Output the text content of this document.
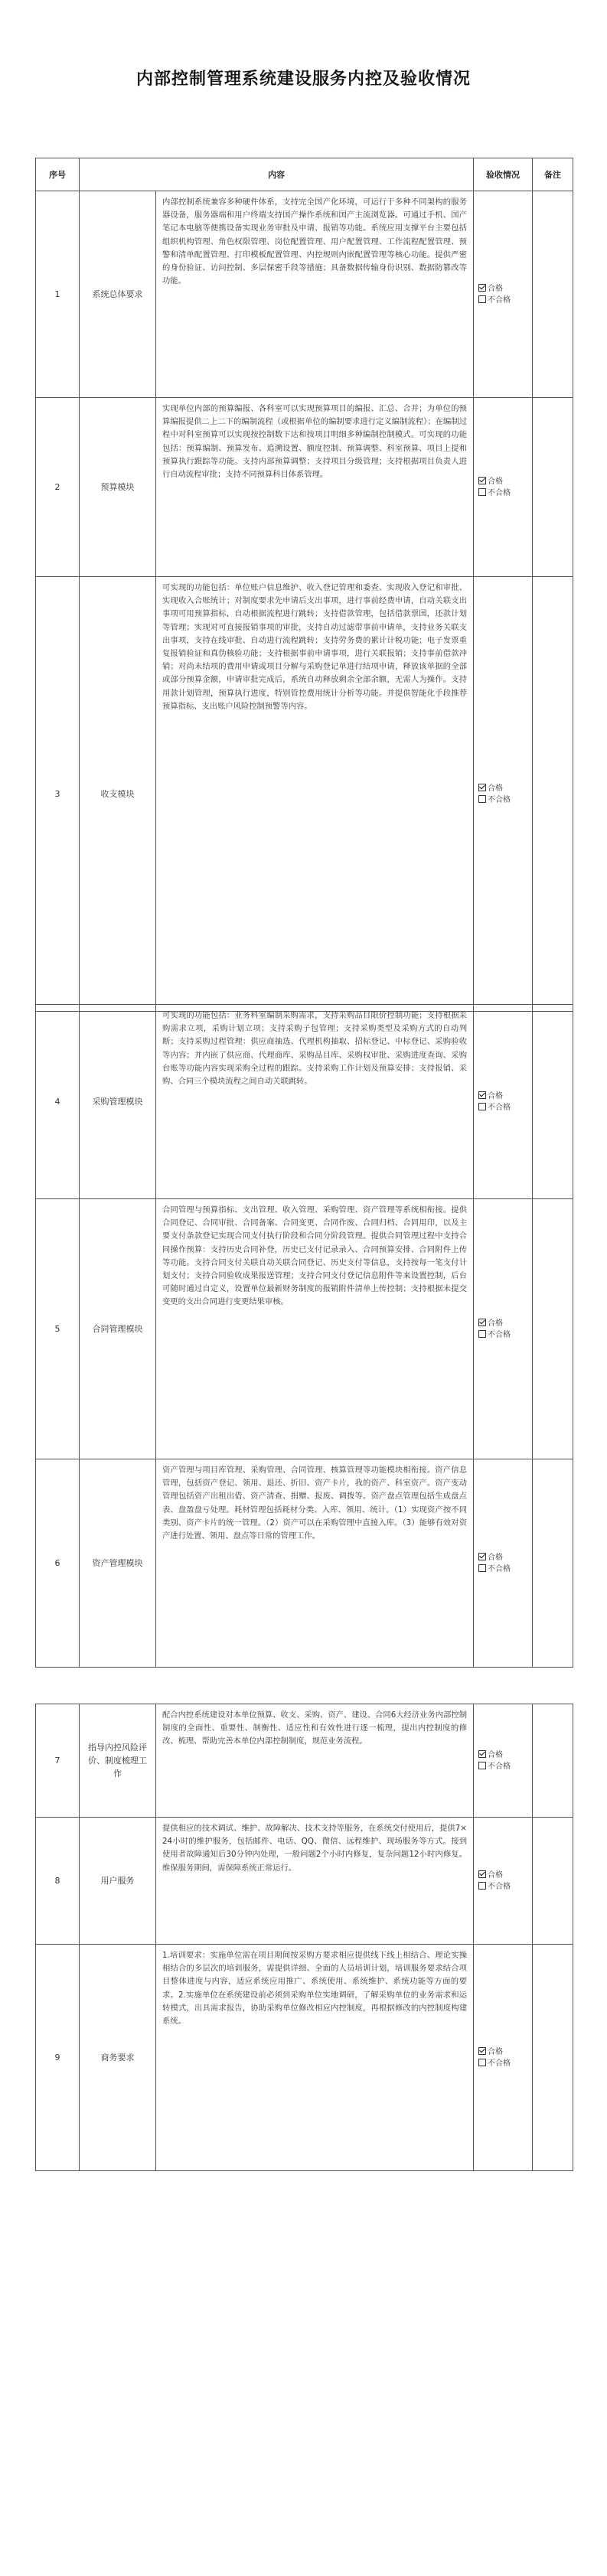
内部控制管理系统建设服务内控及验收情况
序号	内容		验收情况	备注
1	系统总体要求	内部控制系统兼容多种硬件体系，支持完全国产化环境，可运行于多种不同架构的服务器设备，服务器端和用户终端支持国产操作系统和国产主流浏览器。可通过手机、国产笔记本电脑等便携设备实现业务审批及申请、报销等功能。系统应用支撑平台主要包括组织机构管理、角色权限管理、岗位配置管理、用户配置管理、工作流程配置管理、预警和清单配置管理、打印模板配置管理、内控规则内嵌配置管理等核心功能。提供严密的身份验证、访问控制、多层保密手段等措施；具备数据传输身份识别、数据防篡改等功能。	合格
不合格	

2	预算模块	实现单位内部的预算编报、各科室可以实现预算项目的编报、汇总、合并；为单位的预算编报提供二上二下的编制流程（或根据单位的编制要求进行定义编制流程）；在编制过程中对科室预算可以实现按控制数下达和按项目明细多种编制控制模式。可实现的功能包括：预算编制、预算发布、追溯设置、额度控制、预算调整、科室预算、项目上提和预算执行跟踪等功能。支持内部预算调整；支持项目分级管理；支持根据项目负责人进行自动流程审批；支持不同预算科目体系管理。	合格
不合格	

3	收支模块	可实现的功能包括：单位账户信息维护、收入登记管理和委查、实现收入登记和审批、实现收入合账统计；对制度要求先申请后支出事项，进行事前经费申请，自动关联支出事项可用预算指标，自动根据流程进行跳转；支持借款管理，包括借款票国，还款计划等管理；实现对可直接报销事项的审批，支持自动过滤带事前申请单，支持业务关联支出事项，支持在线审批、自动进行流程跳转；支持劳务费的累计计税功能；电子发票重复报销验证和真伪核验功能；支持根据事前申请事项，进行关联报销；支持事前借款冲销；对尚未结项的费用申请或项目分解与采购登记单进行结项申请，释放该单据的全部或部分预算金额，申请审批完成后，系统自动释放剩余全部余额，无需人为操作。支持用款计划管理，预算执行进度，特别管控费用统计分析等功能。并提供智能化手段推荐预算指标、支出账户风险控制预警等内容。	合格
不合格	

4	采购管理模块	可实现的功能包括：业务科室编制采购需求，支持采购品目限价控制功能；支持根据采购需求立项，采购计划立项；支持采购子包管理；支持采购类型及采购方式的自动判断；支持采购过程管理：供应商抽选、代理机构抽取、招标登记、中标登记、采购验收等内容；并内嵌了供应商、代理商库、采购品目库、采购权审批、采购进度查询、采购台账等功能内容实现采购全过程的跟踪。支持采购工作计划及预算安排；支持报销、采购、合同三个模块流程之间自动关联跳转。	合格
不合格	

5	合同管理模块	合同管理与预算指标、支出管理、收入管理、采购管理、资产管理等系统相衔接。提供合同登记、合同审批、合同备案、合同变更、合同作废、合同归档、合同用印，以及主要支付条款登记实现合同支付执行阶段和合同分阶段管理。提供合同管理过程中支持合同操作预算：支持历史合同补登，历史已支付记录录入、合同预算安排、合同附件上传等功能。支持合同支付关联自动关联合同登记、历史支付等信息，支持按每一笔支付计划支付；支持合同验收成果报送管理；支持合同支付登记信息附件等来设置控制，后台可随时通过自定义，设置单位最新财务制度的报销附件清单上传控制；支持根据未提交变更的支出合同进行变更结果审核。	合格
不合格	

6	资产管理模块	资产管理与项目库管理、采购管理、合同管理、核算管理等功能模块相衔接。资产信息管理，包括资产登记、领用、退还、折旧、资产卡片，我的资产、科室资产。资产变动管理包括资产出租出借、资产清查、捐赠、报废、调拨等。资产盘点管理包括生成盘点表、盘盈盘亏处理。耗材管理包括耗材分类、入库、领用、统计。（1）实现资产按不同类别、资产卡片的统一管理。（2）资产可以在采购管理中直接入库。（3）能够有效对资产进行处置、领用、盘点等日常的管理工作。	合格
不合格	

7	指导内控风险评价、制度梳理工作	配合内控系统建设对本单位预算、收支、采购、资产、建设、合同6大经济业务内部控制制度的全面性、重要性、制衡性、适应性和有效性进行逐一梳理，提出内控制度的修改、梳理、帮助完善本单位内部控制制度，规范业务流程。	合格
不合格	

8	用户服务	提供相应的技术调试、维护、故障解决、技术支持等服务，在系统交付使用后，提供7×24小时的维护服务，包括邮件、电话、QQ、微信、远程维护、现场服务等方式。接到使用者故障通知后30分钟内处理，一般问题2个小时内修复，复杂问题12小时内修复。维保服务期间，需保障系统正常运行。	合格
不合格	

9	商务要求	1.培训要求：实施单位需在项目期间按采购方要求相应提供线下线上相结合、理论实操相结合的多层次的培训服务，需提供详细、全面的人员培训计划，培训服务要求结合项目整体进度与内容，适应系统应用推广、系统使用、系统维护、系统功能等方面的要求。2.实施单位在系统建设前必须到采购单位实地调研，了解采购单位的业务需求和运转模式，出具需求报告，协助采购单位修改相应内控制度，再根据修改的内控制度构建系统。	合格
不合格	
